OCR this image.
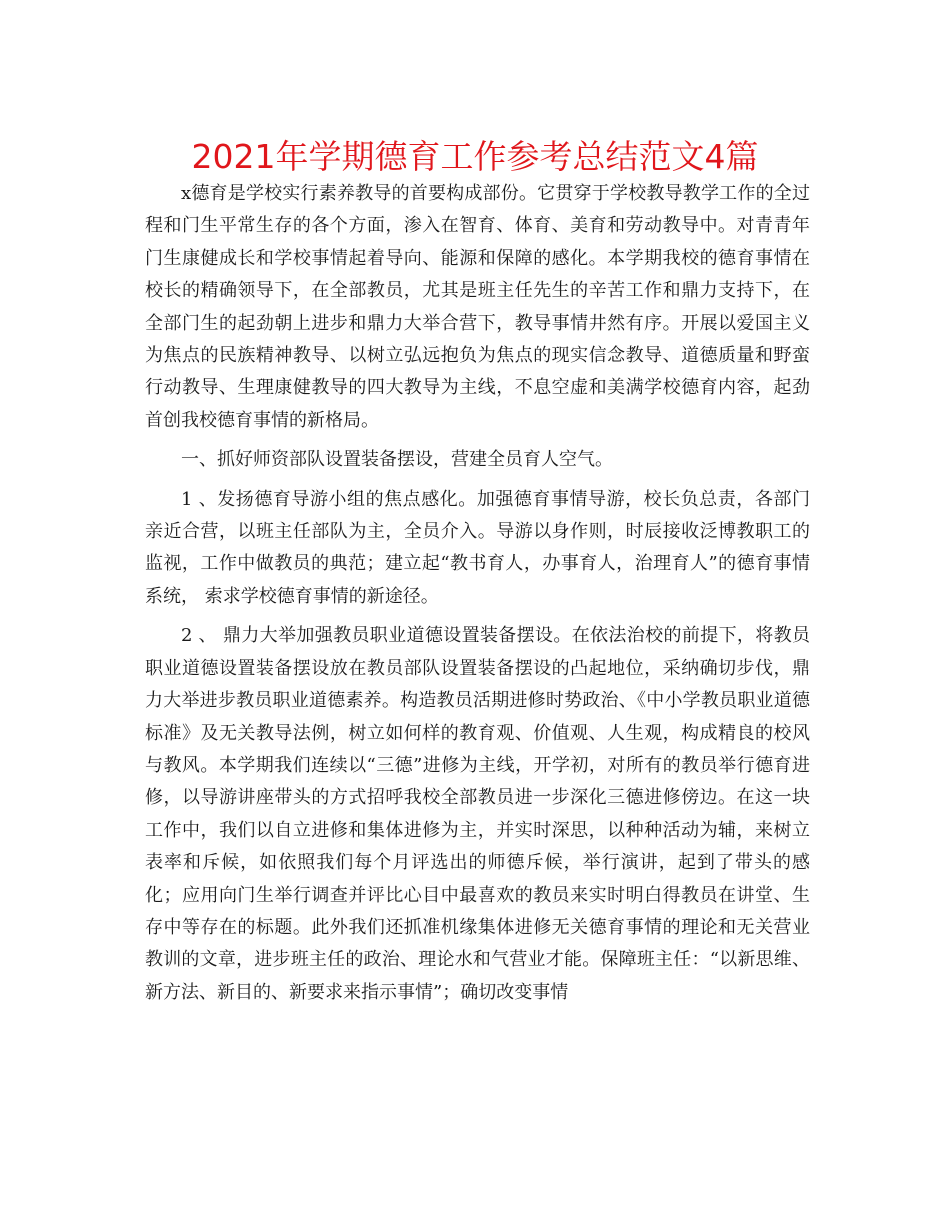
2021年学期德育工作参考总结范文4篇

x德育是学校实行素养教导的首要构成部份。它贯穿于学校教导教学工作的全过程和门生平常生存的各个方面，渗入在智育、体育、美育和劳动教导中。对青青年门生康健成长和学校事情起着导向、能源和保障的感化。本学期我校的德育事情在校长的精确领导下，在全部教员，尤其是班主任先生的辛苦工作和鼎力支持下，在全部门生的起劲朝上进步和鼎力大举合营下，教导事情井然有序。开展以爱国主义为焦点的民族精神教导、以树立弘远抱负为焦点的现实信念教导、道德质量和野蛮行动教导、生理康健教导的四大教导为主线，不息空虚和美满学校德育内容，起劲首创我校德育事情的新格局。

一、抓好师资部队设置装备摆设，营建全员育人空气。

1 、发扬德育导游小组的焦点感化。加强德育事情导游，校长负总责，各部门亲近合营，以班主任部队为主，全员介入。导游以身作则，时辰接收泛博教职工的监视，工作中做教员的典范；建立起“教书育人，办事育人，治理育人”的德育事情系统， 索求学校德育事情的新途径。

2 、 鼎力大举加强教员职业道德设置装备摆设。在依法治校的前提下，将教员职业道德设置装备摆设放在教员部队设置装备摆设的凸起地位，采纳确切步伐，鼎力大举进步教员职业道德素养。构造教员活期进修时势政治、《中小学教员职业道德标准》及无关教导法例，树立如何样的教育观、价值观、人生观，构成精良的校风与教风。本学期我们连续以“三德”进修为主线，开学初，对所有的教员举行德育进修，以导游讲座带头的方式招呼我校全部教员进一步深化三德进修傍边。在这一块工作中，我们以自立进修和集体进修为主，并实时深思，以种种活动为辅，来树立表率和斥候，如依照我们每个月评选出的师德斥候，举行演讲，起到了带头的感化；应用向门生举行调查并评比心目中最喜欢的教员来实时明白得教员在讲堂、生存中等存在的标题。此外我们还抓准机缘集体进修无关德育事情的理论和无关营业教训的文章，进步班主任的政治、理论水和气营业才能。保障班主任：“以新思维、新方法、新目的、新要求来指示事情”；确切改变事情
